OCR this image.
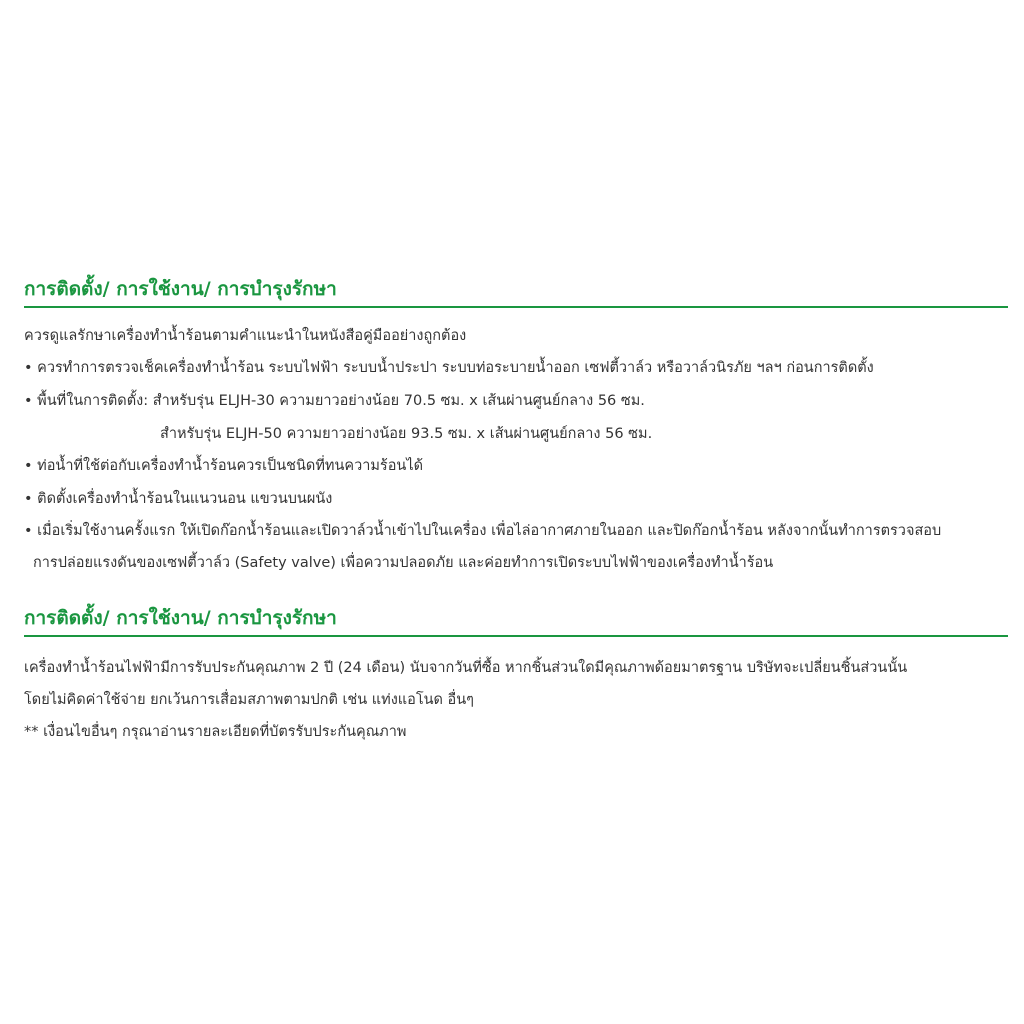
การติดตั้ง/ การใช้งาน/ การบำรุงรักษา
ควรดูแลรักษาเครื่องทำน้ำร้อนตามคำแนะนำในหนังสือคู่มืออย่างถูกต้อง
• ควรทำการตรวจเช็คเครื่องทำน้ำร้อน ระบบไฟฟ้า ระบบน้ำประปา ระบบท่อระบายน้ำออก เซฟตี้วาล์ว หรือวาล์วนิรภัย ฯลฯ ก่อนการติดตั้ง
• พื้นที่ในการติดตั้ง: สำหรับรุ่น ELJH-30 ความยาวอย่างน้อย 70.5 ซม. x เส้นผ่านศูนย์กลาง 56 ซม.
สำหรับรุ่น ELJH-50 ความยาวอย่างน้อย 93.5 ซม. x เส้นผ่านศูนย์กลาง 56 ซม.
• ท่อน้ำที่ใช้ต่อกับเครื่องทำน้ำร้อนควรเป็นชนิดที่ทนความร้อนได้
• ติดตั้งเครื่องทำน้ำร้อนในแนวนอน แขวนบนผนัง
• เมื่อเริ่มใช้งานครั้งแรก ให้เปิดก๊อกน้ำร้อนและเปิดวาล์วน้ำเข้าไปในเครื่อง เพื่อไล่อากาศภายในออก และปิดก๊อกน้ำร้อน หลังจากนั้นทำการตรวจสอบ
การปล่อยแรงดันของเซฟตี้วาล์ว (Safety valve) เพื่อความปลอดภัย และค่อยทำการเปิดระบบไฟฟ้าของเครื่องทำน้ำร้อน
การติดตั้ง/ การใช้งาน/ การบำรุงรักษา
เครื่องทำน้ำร้อนไฟฟ้ามีการรับประกันคุณภาพ 2 ปี (24 เดือน) นับจากวันที่ซื้อ หากชิ้นส่วนใดมีคุณภาพด้อยมาตรฐาน บริษัทจะเปลี่ยนชิ้นส่วนนั้น
โดยไม่คิดค่าใช้จ่าย ยกเว้นการเสื่อมสภาพตามปกติ เช่น แท่งแอโนด อื่นๆ
** เงื่อนไขอื่นๆ กรุณาอ่านรายละเอียดที่บัตรรับประกันคุณภาพ
